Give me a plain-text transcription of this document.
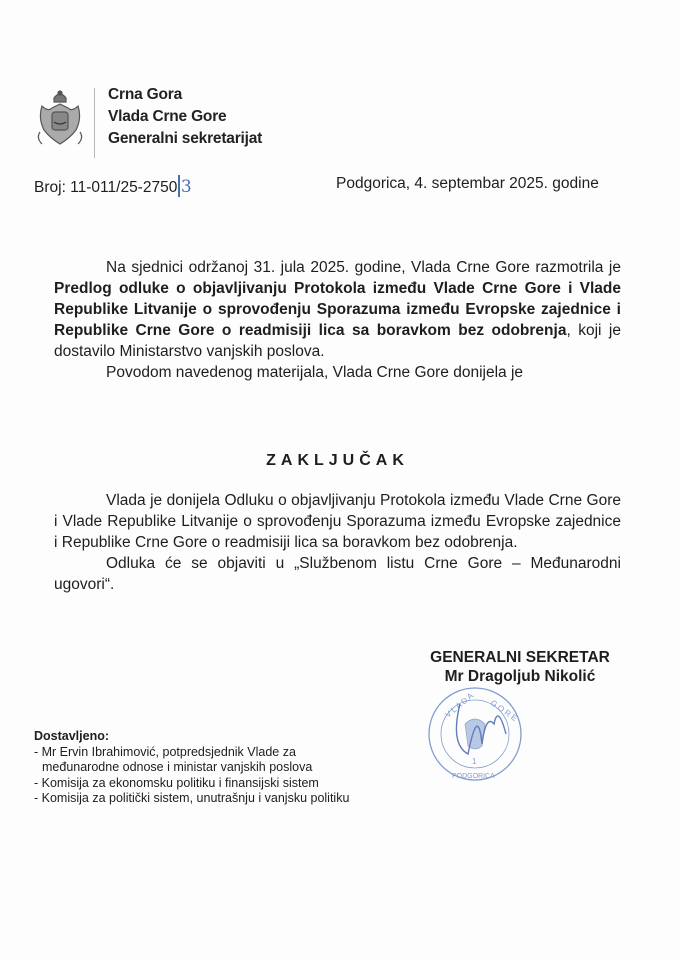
Crna Gora
Vlada Crne Gore
Generalni sekretarijat
Broj: 11-011/25-2750 3	Podgorica, 4. septembar 2025. godine
Na sjednici održanoj 31. jula 2025. godine, Vlada Crne Gore razmotrila je Predlog odluke o objavljivanju Protokola između Vlade Crne Gore i Vlade Republike Litvanije o sprovođenju Sporazuma između Evropske zajednice i Republike Crne Gore o readmisiji lica sa boravkom bez odobrenja, koji je dostavilo Ministarstvo vanjskih poslova.
Povodom navedenog materijala, Vlada Crne Gore donijela je
ZAKLJUČAK
Vlada je donijela Odluku o objavljivanju Protokola između Vlade Crne Gore i Vlade Republike Litvanije o sprovođenju Sporazuma između Evropske zajednice i Republike Crne Gore o readmisiji lica sa boravkom bez odobrenja.
Odluka će se objaviti u „Službenom listu Crne Gore – Međunarodni ugovori“.
GENERALNI SEKRETAR
Mr Dragoljub Nikolić
V L A D A G O R E
1
PODGORICA
Dostavljeno:
- Mr Ervin Ibrahimović, potpredsjednik Vlade za
međunarodne odnose i ministar vanjskih poslova
- Komisija za ekonomsku politiku i finansijski sistem
- Komisija za politički sistem, unutrašnju i vanjsku politiku
